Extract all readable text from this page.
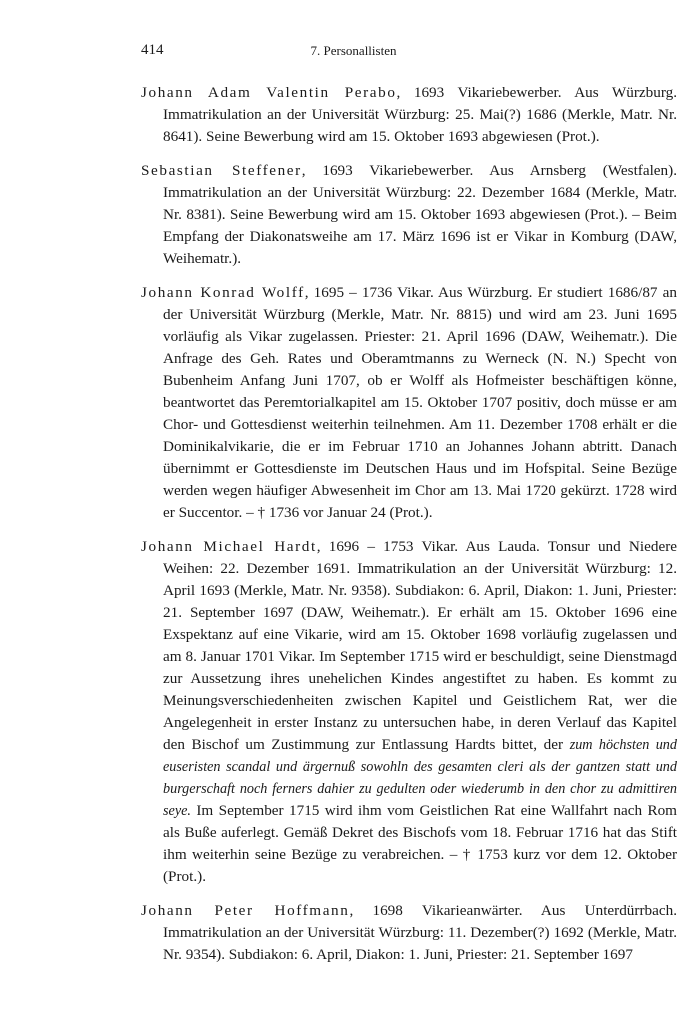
414	7. Personallisten

Johann Adam Valentin Perabo, 1693 Vikariebewerber. Aus Würzburg. Immatrikulation an der Universität Würzburg: 25. Mai(?) 1686 (Merkle, Matr. Nr. 8641). Seine Bewerbung wird am 15. Oktober 1693 abgewiesen (Prot.).

Sebastian Steffener, 1693 Vikariebewerber. Aus Arnsberg (Westfalen). Immatrikulation an der Universität Würzburg: 22. Dezember 1684 (Merkle, Matr. Nr. 8381). Seine Bewerbung wird am 15. Oktober 1693 abgewiesen (Prot.). – Beim Empfang der Diakonatsweihe am 17. März 1696 ist er Vikar in Komburg (DAW, Weihematr.).

Johann Konrad Wolff, 1695 – 1736 Vikar. Aus Würzburg. Er studiert 1686/87 an der Universität Würzburg (Merkle, Matr. Nr. 8815) und wird am 23. Juni 1695 vorläufig als Vikar zugelassen. Priester: 21. April 1696 (DAW, Weihematr.). Die Anfrage des Geh. Rates und Oberamtmanns zu Werneck (N. N.) Specht von Bubenheim Anfang Juni 1707, ob er Wolff als Hofmeister beschäftigen könne, beantwortet das Peremtorialkapitel am 15. Oktober 1707 positiv, doch müsse er am Chor- und Gottesdienst weiterhin teilnehmen. Am 11. Dezember 1708 erhält er die Dominikalvikarie, die er im Februar 1710 an Johannes Johann abtritt. Danach übernimmt er Gottesdienste im Deutschen Haus und im Hofspital. Seine Bezüge werden wegen häufiger Abwesenheit im Chor am 13. Mai 1720 gekürzt. 1728 wird er Succentor. – † 1736 vor Januar 24 (Prot.).

Johann Michael Hardt, 1696 – 1753 Vikar. Aus Lauda. Tonsur und Niedere Weihen: 22. Dezember 1691. Immatrikulation an der Universität Würzburg: 12. April 1693 (Merkle, Matr. Nr. 9358). Subdiakon: 6. April, Diakon: 1. Juni, Priester: 21. September 1697 (DAW, Weihematr.). Er erhält am 15. Oktober 1696 eine Exspektanz auf eine Vikarie, wird am 15. Oktober 1698 vorläufig zugelassen und am 8. Januar 1701 Vikar. Im September 1715 wird er beschuldigt, seine Dienstmagd zur Aussetzung ihres unehelichen Kindes angestiftet zu haben. Es kommt zu Meinungsverschiedenheiten zwischen Kapitel und Geistlichem Rat, wer die Angelegenheit in erster Instanz zu untersuchen habe, in deren Verlauf das Kapitel den Bischof um Zustimmung zur Entlassung Hardts bittet, der zum höchsten und euseristen scandal und ärgernuß sowohln des gesamten cleri als der gantzen statt und burgerschaft noch ferners dahier zu gedulten oder wiederumb in den chor zu admittiren seye. Im September 1715 wird ihm vom Geistlichen Rat eine Wallfahrt nach Rom als Buße auferlegt. Gemäß Dekret des Bischofs vom 18. Februar 1716 hat das Stift ihm weiterhin seine Bezüge zu verabreichen. – † 1753 kurz vor dem 12. Oktober (Prot.).

Johann Peter Hoffmann, 1698 Vikarieanwärter. Aus Unterdürrbach. Immatrikulation an der Universität Würzburg: 11. Dezember(?) 1692 (Merkle, Matr. Nr. 9354). Subdiakon: 6. April, Diakon: 1. Juni, Priester: 21. September 1697
